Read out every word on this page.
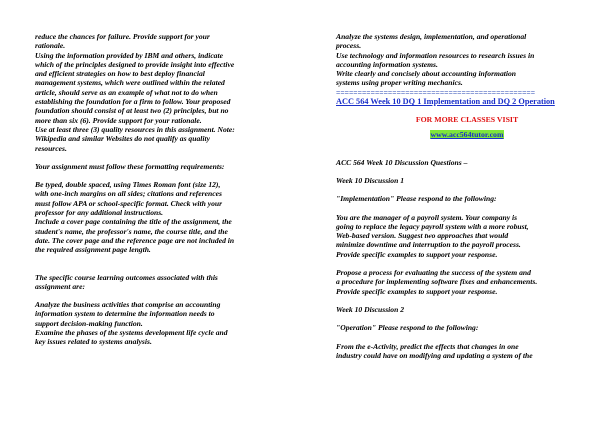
reduce the chances for failure. Provide support for your

rationale.

Using the information provided by IBM and others, indicate

which of the principles designed to provide insight into effective

and efficient strategies on how to best deploy financial

management systems, which were outlined within the related

article, should serve as an example of what not to do when

establishing the foundation for a firm to follow. Your proposed

foundation should consist of at least two (2) principles, but no

more than six (6). Provide support for your rationale.

Use at least three (3) quality resources in this assignment. Note:

Wikipedia and similar Websites do not qualify as quality

resources.

Your assignment must follow these formatting requirements:

Be typed, double spaced, using Times Roman font (size 12),

with one-inch margins on all sides; citations and references

must follow APA or school-specific format. Check with your

professor for any additional instructions.

Include a cover page containing the title of the assignment, the

student's name, the professor's name, the course title, and the

date. The cover page and the reference page are not included in

the required assignment page length.

The specific course learning outcomes associated with this

assignment are:

Analyze the business activities that comprise an accounting

information system to determine the information needs to

support decision-making function.

Examine the phases of the systems development life cycle and

key issues related to systems analysis.

Analyze the systems design, implementation, and operational

process.

Use technology and information resources to research issues in

accounting information systems.

Write clearly and concisely about accounting information

systems using proper writing mechanics.

==============================================

ACC 564 Week 10 DQ 1 Implementation and DQ 2 Operation

FOR MORE CLASSES VISIT

www.acc564tutor.com

ACC 564 Week 10 Discussion Questions –

Week 10 Discussion 1

"Implementation" Please respond to the following:

You are the manager of a payroll system. Your company is

going to replace the legacy payroll system with a more robust,

Web-based version. Suggest two approaches that would

minimize downtime and interruption to the payroll process.

Provide specific examples to support your response.

Propose a process for evaluating the success of the system and

a procedure for implementing software fixes and enhancements.

Provide specific examples to support your response.

Week 10 Discussion 2

"Operation" Please respond to the following:

From the e-Activity, predict the effects that changes in one

industry could have on modifying and updating a system of the
